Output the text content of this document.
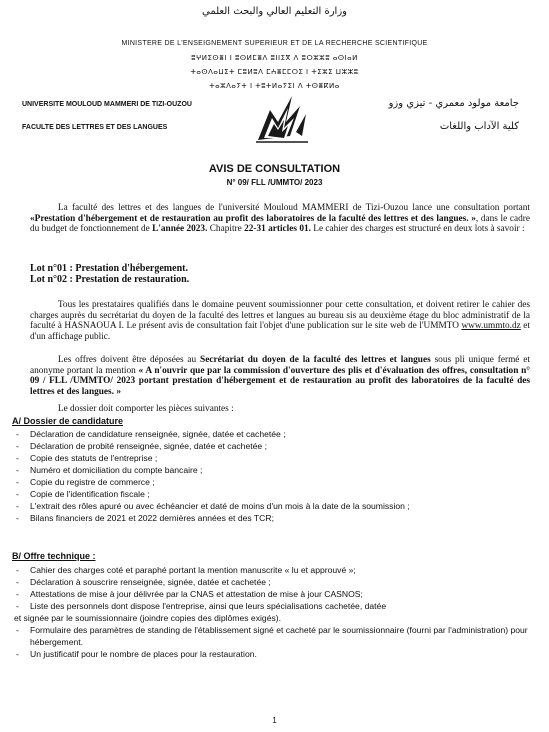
وزارة التعليم العالي والبحث العلمي
MINISTERE DE L'ENSEIGNEMENT SUPERIEUR ET DE LA RECHERCHE SCIENTIFIQUE
ⵓⵖⵍⵉⵙⴻⵏ ⵏ ⵓⵙⵍⵎⴻⴷ ⵓⵏⵏⵉⴳ ⴷ ⵓⵔⵣⵣⵓ ⴰⵙⵏⴰⵍ
ⵜⴰⵙⴷⴰⵡⵉⵜ ⵎⵓⵍⵓⴷ ⵎⵄⴻⵎⵎⵔⵉ ⵏ ⵜⵉⵣⵉ ⵡⵣⵣⵓ
ⵜⴰⵣⴷⴰⵢⵜ ⵏ ⵜⵓⵜⵍⴰⵢⵉⵏ ⴷ ⵜⵙⴻⴽⵍⴰ
UNIVERSITE MOULOUD MAMMERI DE TIZI-OUZOU
FACULTE DES LETTRES ET DES LANGUES
جامعة مولود معمري - تيزي وزو
كلية الآداب واللغات
AVIS DE CONSULTATION
N° 09/ FLL /UMMTO/ 2023
   La faculté des lettres et des langues de l'université Mouloud MAMMERI de Tizi-Ouzou lance une consultation portant «Prestation d'hébergement et de restauration au profit des laboratoires de la faculté des lettres et des langues. », dans le cadre du budget de fonctionnement de L'année 2023. Chapitre 22-31 articles 01. Le cahier des charges est structuré en deux lots à savoir :
Lot n°01 : Prestation d'hébergement.
Lot n°02 : Prestation de restauration.
   Tous les prestataires qualifiés dans le domaine peuvent soumissionner pour cette consultation, et doivent retirer le cahier des charges auprès du secrétariat du doyen de la faculté des lettres et langues au bureau sis au deuxième étage du bloc administratif de la faculté à HASNAOUA I. Le présent avis de consultation fait l'objet d'une publication sur le site web de l'UMMTO www.ummto.dz et d'un affichage public.
   Les offres doivent être déposées au Secrétariat du doyen de la faculté des lettres et langues sous pli unique fermé et anonyme portant la mention « A n'ouvrir que par la commission d'ouverture des plis et d'évaluation des offres, consultation n° 09 / FLL /UMMTO/ 2023 portant prestation d'hébergement et de restauration au profit des laboratoires de la faculté des lettres et des langues. »
   Le dossier doit comporter les pièces suivantes :
A/ Dossier de candidature
- Déclaration de candidature renseignée, signée, datée et cachetée ;
- Déclaration de probité renseignée, signée, datée et cachetée ;
- Copie des statuts de l'entreprise ;
- Numéro et domiciliation du compte bancaire ;
- Copie du registre de commerce ;
- Copie de l'identification fiscale ;
- L'extrait des rôles apuré ou avec échéancier et daté de moins d'un mois à la date de la soumission ;
- Bilans financiers de 2021 et 2022 dernières années et des TCR;
B/ Offre technique :
- Cahier des charges coté et paraphé portant la mention manuscrite « lu et approuvé »;
- Déclaration à souscrire renseignée, signée, datée et cachetée ;
- Attestations de mise à jour délivrée par la CNAS et attestation de mise à jour CASNOS;
- Liste des personnels dont dispose l'entreprise, ainsi que leurs spécialisations cachetée, datée
et signée par le soumissionnaire (joindre copies des diplômes exigés).
- Formulaire des paramètres de standing de l'établissement signé et cacheté par le soumissionnaire (fourni par l'administration) pour hébergement.
- Un justificatif pour le nombre de places pour la restauration.
1
